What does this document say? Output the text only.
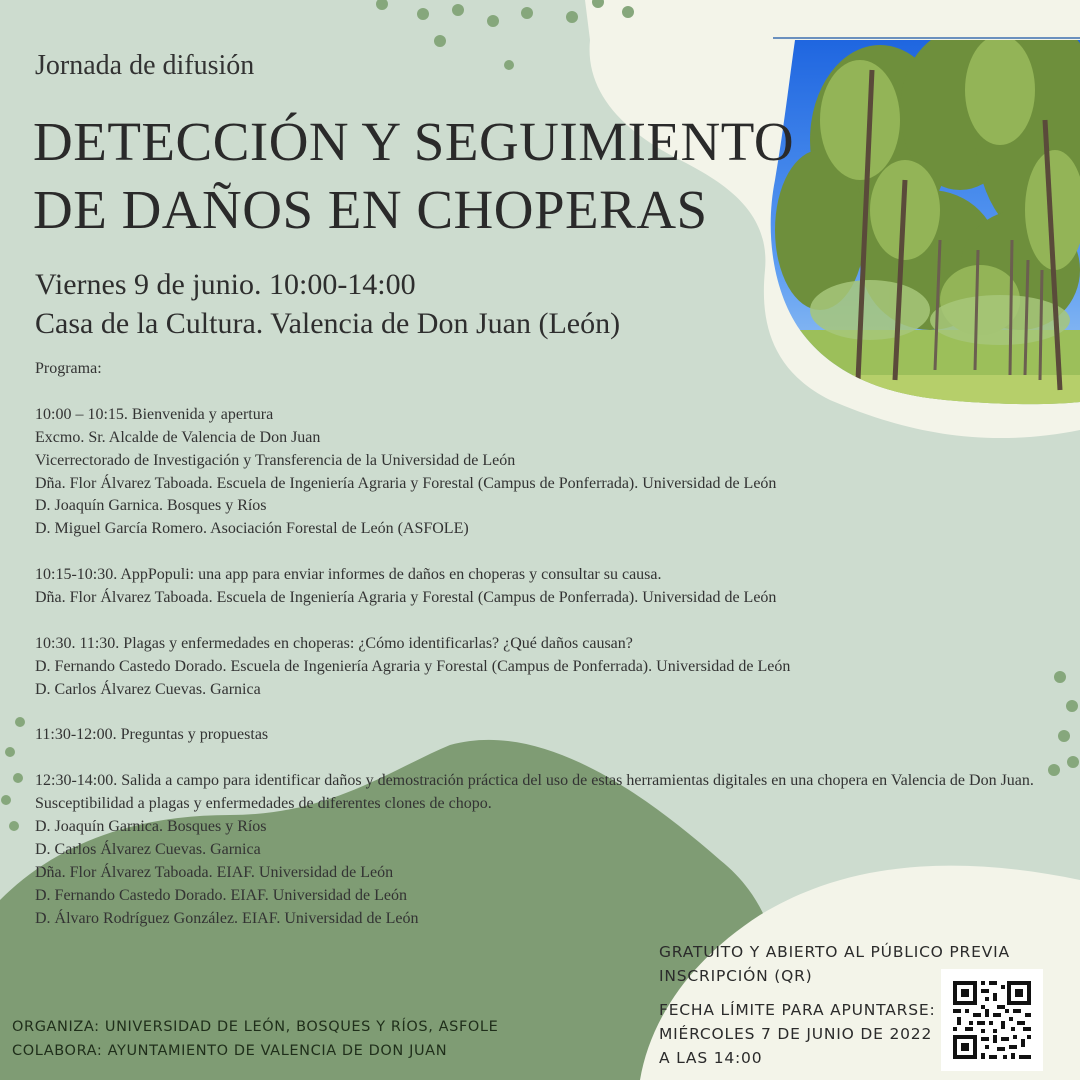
Jornada de difusión
DETECCIÓN Y SEGUIMIENTO
DE DAÑOS EN CHOPERAS
Viernes 9 de junio. 10:00-14:00
Casa de la Cultura. Valencia de Don Juan (León)
Programa:
10:00 – 10:15. Bienvenida y apertura
Excmo. Sr. Alcalde de Valencia de Don Juan
Vicerrectorado de Investigación y Transferencia de la Universidad de León
Dña. Flor Álvarez Taboada. Escuela de Ingeniería Agraria y Forestal (Campus de Ponferrada). Universidad de León
D. Joaquín Garnica. Bosques y Ríos
D. Miguel García Romero. Asociación Forestal de León (ASFOLE)
10:15-10:30. AppPopuli: una app para enviar informes de daños en choperas y consultar su causa.
Dña. Flor Álvarez Taboada. Escuela de Ingeniería Agraria y Forestal (Campus de Ponferrada). Universidad de León
10:30. 11:30. Plagas y enfermedades en choperas: ¿Cómo identificarlas? ¿Qué daños causan?
D. Fernando Castedo Dorado. Escuela de Ingeniería Agraria y Forestal (Campus de Ponferrada). Universidad de León
D. Carlos Álvarez Cuevas. Garnica
11:30-12:00. Preguntas y propuestas
12:30-14:00. Salida a campo para identificar daños y demostración práctica del uso de estas herramientas digitales en una chopera en Valencia de Don Juan. Susceptibilidad a plagas y enfermedades de diferentes clones de chopo.
D. Joaquín Garnica. Bosques y Ríos
D. Carlos Álvarez Cuevas. Garnica
Dña. Flor Álvarez Taboada. EIAF. Universidad de León
D. Fernando Castedo Dorado. EIAF. Universidad de León
D. Álvaro Rodríguez González. EIAF. Universidad de León
GRATUITO Y ABIERTO AL PÚBLICO PREVIA INSCRIPCIÓN (QR)
FECHA LÍMITE PARA APUNTARSE: MIÉRCOLES 7 DE JUNIO DE 2022 A LAS 14:00
ORGANIZA: UNIVERSIDAD DE LEÓN, BOSQUES Y RÍOS, ASFOLE
COLABORA: AYUNTAMIENTO DE VALENCIA DE DON JUAN
